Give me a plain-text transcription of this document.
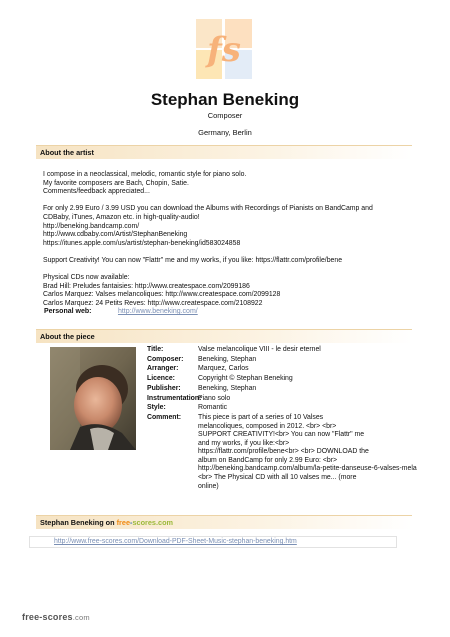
fs
Stephan Beneking
Composer
Germany, Berlin
About the artist
I compose in a neoclassical, melodic, romantic style for piano solo.
My favorite composers are Bach, Chopin, Satie.
Comments/feedback appreciated...

For only 2.99 Euro / 3.99 USD you can download the Albums with Recordings of Pianists on BandCamp and
CDBaby, iTunes, Amazon etc. in high-quality-audio!
http://beneking.bandcamp.com/
http://www.cdbaby.com/Artist/StephanBeneking
https://itunes.apple.com/us/artist/stephan-beneking/id583024858

Support Creativity! You can now "Flattr" me and my works, if you like: https://flattr.com/profile/bene

Physical CDs now available:
Brad Hill: Preludes fantaisies: http://www.createspace.com/2099186
Carlos Marquez: Valses melancoliques: http://www.createspace.com/2099128
Carlos Marquez: 24 Petits Reves: http://www.createspace.com/2108922
Personal web:	http://www.beneking.com/
About the piece
Title:	Valse melancolique VIII - le desir eternel
Composer:	Beneking, Stephan
Arranger:	Marquez, Carlos
Licence:	Copyright © Stephan Beneking
Publisher:	Beneking, Stephan
Instrumentation:
Piano solo
Style:	Romantic
Comment:	This piece is part of a series of 10 Valses
melancoliques, composed in 2012. <br> <br>
SUPPORT CREATIVITY!<br> You can now "Flattr" me
and my works, if you like:<br>
https://flattr.com/profile/bene<br> <br> DOWNLOAD the
album on BandCamp for only 2.99 Euro: <br>
http://beneking.bandcamp.com/album/la-petite-danseuse-6-valses-mela
<br> The Physical CD with all 10 valses me... (more
online)
Stephan Beneking on free-scores.com
http://www.free-scores.com/Download-PDF-Sheet-Music-stephan-beneking.htm
free-scores.com
